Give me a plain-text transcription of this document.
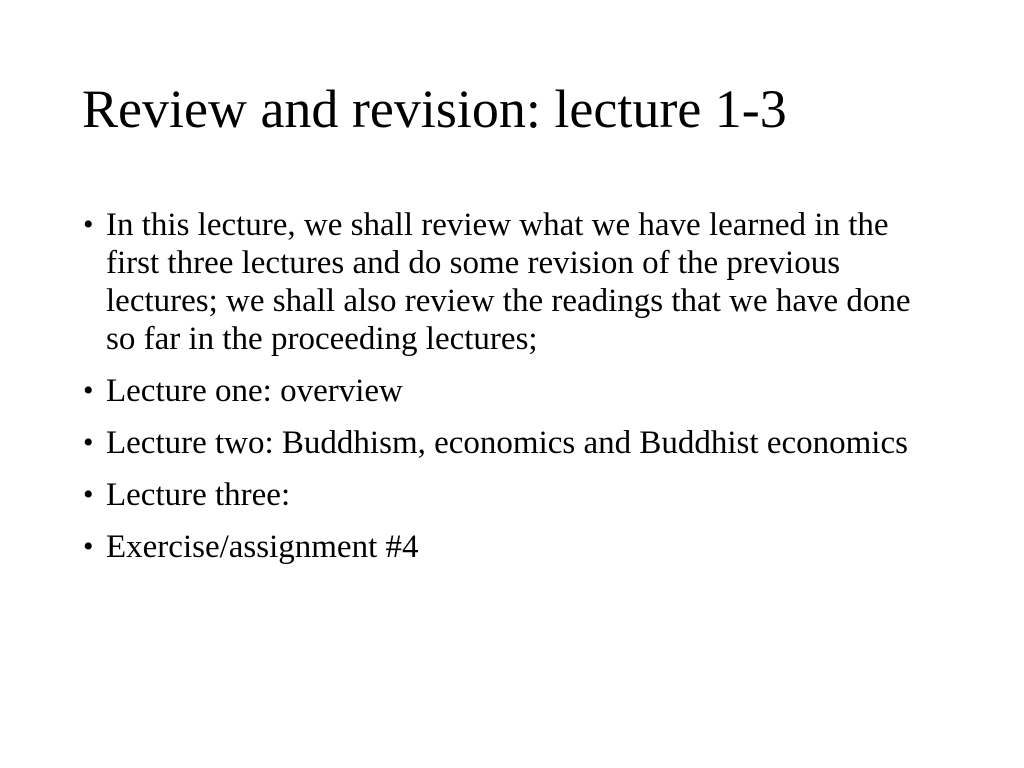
Review and revision: lecture 1-3
• In this lecture, we shall review what we have learned in the first three lectures and do some revision of the previous lectures; we shall also review the readings that we have done so far in the proceeding lectures;
• Lecture one: overview
• Lecture two: Buddhism, economics and Buddhist economics
• Lecture three:
• Exercise/assignment #4
